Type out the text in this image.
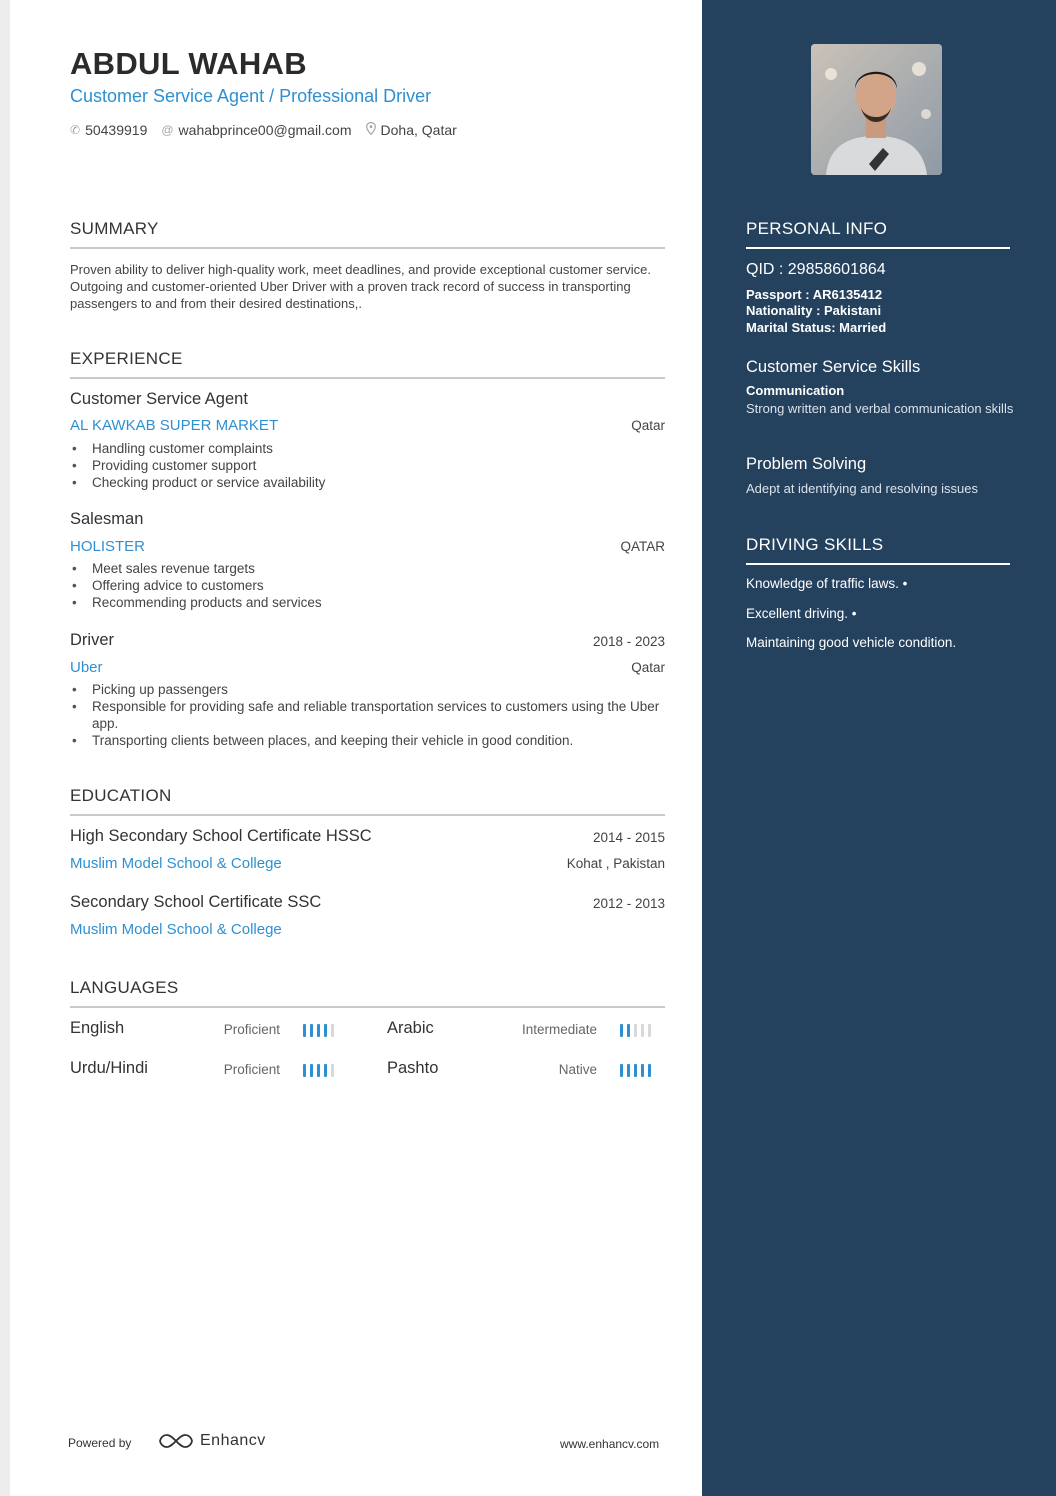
ABDUL WAHAB
Customer Service Agent / Professional Driver
✆ 50439919 @ wahabprince00@gmail.com Doha, Qatar
SUMMARY
Proven ability to deliver high-quality work, meet deadlines, and provide exceptional customer service. Outgoing and customer-oriented Uber Driver with a proven track record of success in transporting passengers to and from their desired destinations,.
EXPERIENCE
Customer Service Agent
AL KAWKAB SUPER MARKET	Qatar
• Handling customer complaints
• Providing customer support
• Checking product or service availability
Salesman
HOLISTER	QATAR
• Meet sales revenue targets
• Offering advice to customers
• Recommending products and services
Driver	2018 - 2023
Uber	Qatar
• Picking up passengers
• Responsible for providing safe and reliable transportation services to customers using the Uber app.
• Transporting clients between places, and keeping their vehicle in good condition.
EDUCATION
High Secondary School Certificate HSSC	2014 - 2015
Muslim Model School & College	Kohat , Pakistan
Secondary School Certificate SSC	2012 - 2013
Muslim Model School & College
LANGUAGES
English	Proficient	Arabic	Intermediate
Urdu/Hindi	Proficient	Pashto	Native
Powered by	Enhancv	www.enhancv.com
PERSONAL INFO
QID : 29858601864
Passport : AR6135412
Nationality : Pakistani
Marital Status: Married
Customer Service Skills
Communication
Strong written and verbal communication skills
Problem Solving
Adept at identifying and resolving issues
DRIVING SKILLS
Knowledge of traffic laws. •
Excellent driving. •
Maintaining good vehicle condition.
